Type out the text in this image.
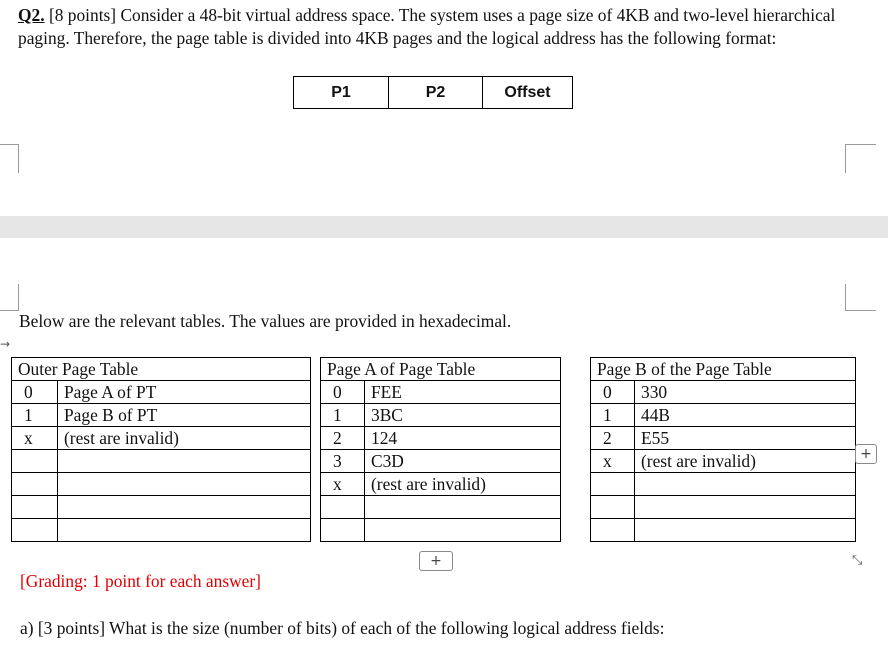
Q2. [8 points] Consider a 48-bit virtual address space. The system uses a page size of 4KB and two-level hierarchical paging. Therefore, the page table is divided into 4KB pages and the logical address has the following format:
P1	P2	Offset
Below are the relevant tables. The values are provided in hexadecimal.
→
Outer Page Table	
0	Page A of PT
1	Page B of PT
x	(rest are invalid)

Page A of Page Table	
0	FEE
1	3BC
2	124
3	C3D
x	(rest are invalid)

Page B of the Page Table	
0	330
1	44B
2	E55
x	(rest are invalid)

+
+
⤡
[Grading: 1 point for each answer]
a) [3 points] What is the size (number of bits) of each of the following logical address fields:
